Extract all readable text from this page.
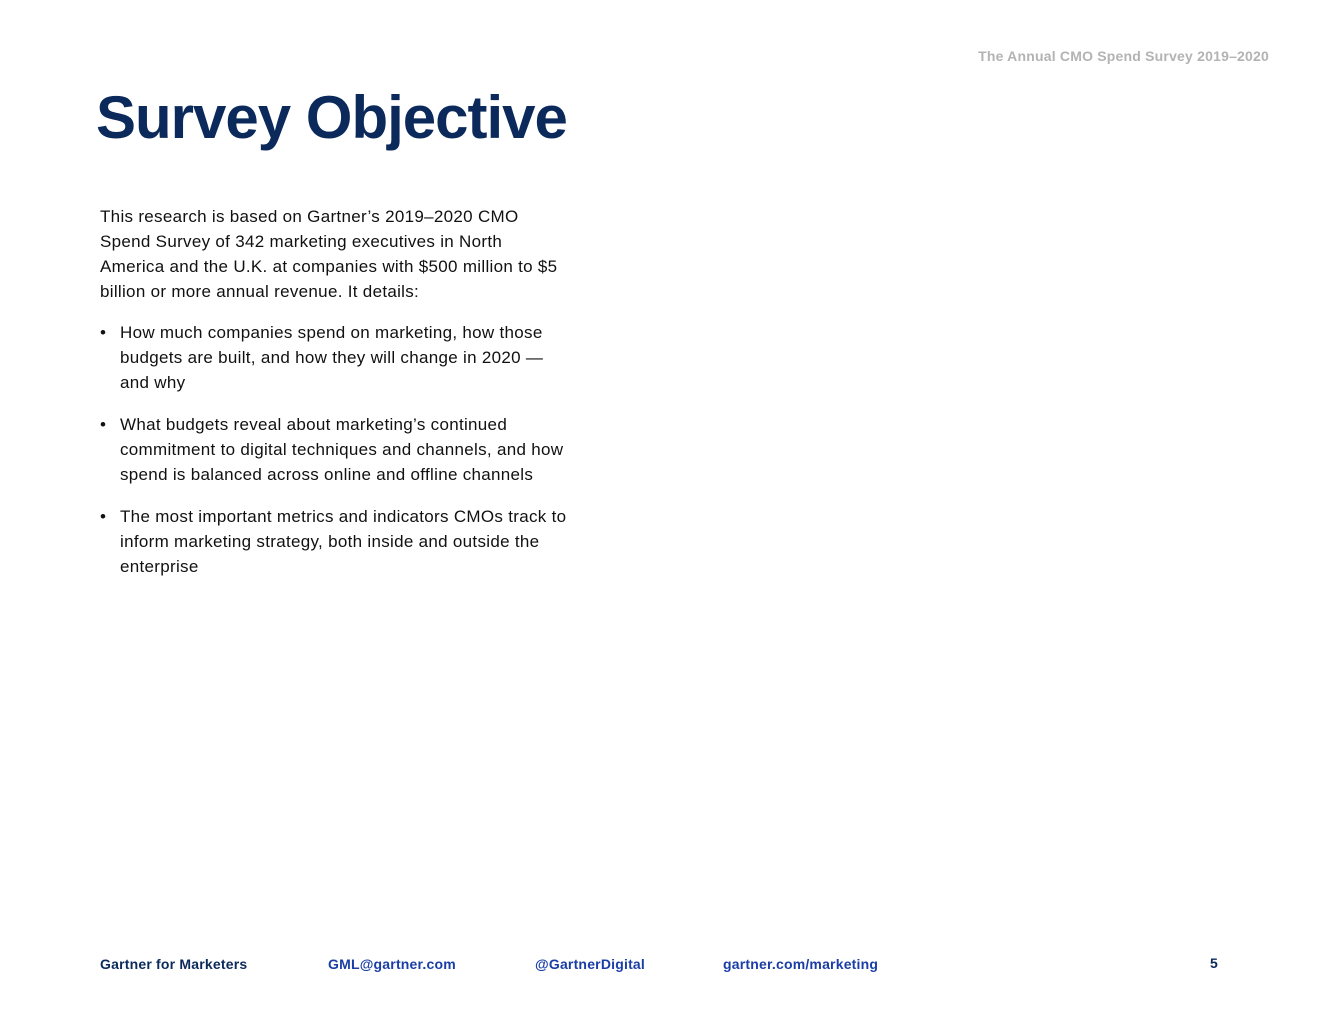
The Annual CMO Spend Survey 2019–2020
Survey Objective

This research is based on Gartner’s 2019–2020 CMO Spend Survey of 342 marketing executives in North America and the U.K. at companies with $500 million to $5 billion or more annual revenue. It details:

• How much companies spend on marketing, how those budgets are built, and how they will change in 2020 — and why
• What budgets reveal about marketing’s continued commitment to digital techniques and channels, and how spend is balanced across online and offline channels
• The most important metrics and indicators CMOs track to inform marketing strategy, both inside and outside the enterprise
Gartner for Marketers	GML@gartner.com	@GartnerDigital	gartner.com/marketing	5
